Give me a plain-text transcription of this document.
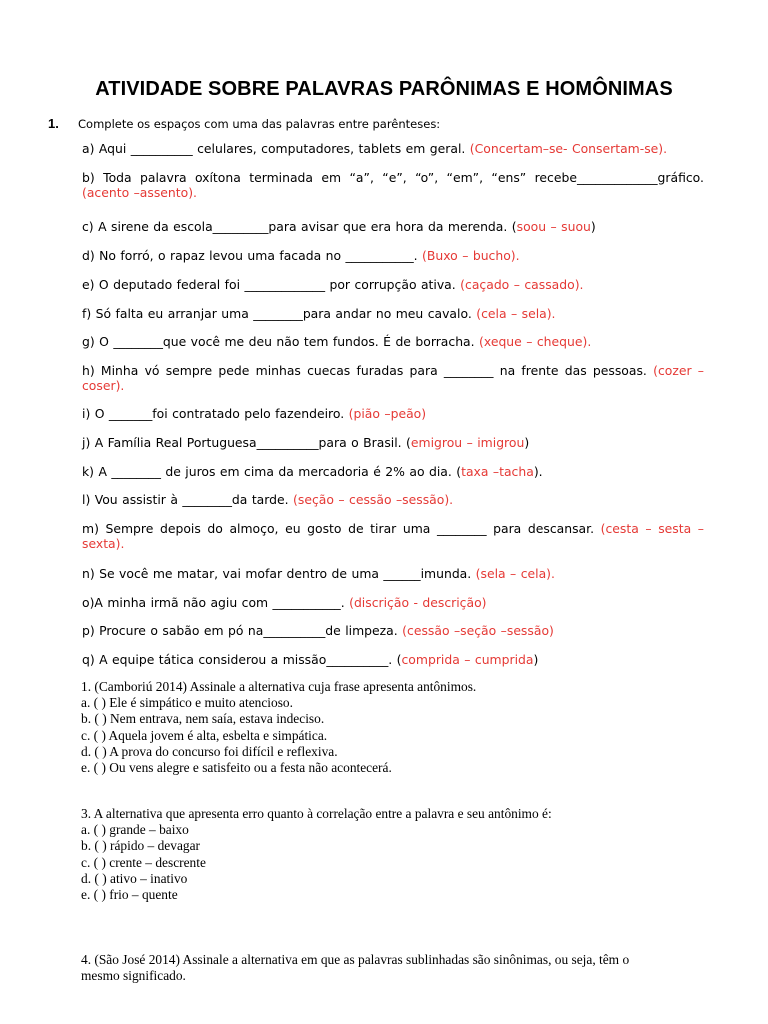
ATIVIDADE SOBRE PALAVRAS PARÔNIMAS E HOMÔNIMAS
1. Complete os espaços com uma das palavras entre parênteses:
a) Aqui __________ celulares, computadores, tablets em geral. (Concertam–se- Consertam-se).
b) Toda palavra oxítona terminada em “a”, “e”, “o”, “em”, “ens” recebe_____________gráfico. (acento –assento).
c) A sirene da escola_________para avisar que era hora da merenda. (soou – suou)
d) No forró, o rapaz levou uma facada no ___________. (Buxo – bucho).
e) O deputado federal foi _____________ por corrupção ativa. (caçado – cassado).
f) Só falta eu arranjar uma ________para andar no meu cavalo. (cela – sela).
g) O ________que você me deu não tem fundos. É de borracha. (xeque – cheque).
h) Minha vó sempre pede minhas cuecas furadas para ________ na frente das pessoas. (cozer – coser).
i) O _______foi contratado pelo fazendeiro. (pião –peão)
j) A Família Real Portuguesa__________para o Brasil. (emigrou – imigrou)
k) A ________ de juros em cima da mercadoria é 2% ao dia. (taxa –tacha).
l) Vou assistir à ________da tarde. (seção – cessão –sessão).
m) Sempre depois do almoço, eu gosto de tirar uma ________ para descansar. (cesta – sesta – sexta).
n) Se você me matar, vai mofar dentro de uma ______imunda. (sela – cela).
o)A minha irmã não agiu com ___________. (discrição - descrição)
p) Procure o sabão em pó na__________de limpeza. (cessão –seção –sessão)
q) A equipe tática considerou a missão__________. (comprida – cumprida)
1. (Camboriú 2014) Assinale a alternativa cuja frase apresenta antônimos.
a. ( ) Ele é simpático e muito atencioso.
b. ( ) Nem entrava, nem saía, estava indeciso.
c. ( ) Aquela jovem é alta, esbelta e simpática.
d. ( ) A prova do concurso foi difícil e reflexiva.
e. ( ) Ou vens alegre e satisfeito ou a festa não acontecerá.
3. A alternativa que apresenta erro quanto à correlação entre a palavra e seu antônimo é:
a. ( ) grande – baixo
b. ( ) rápido – devagar
c. ( ) crente – descrente
d. ( ) ativo – inativo
e. ( ) frio – quente
4. (São José 2014) Assinale a alternativa em que as palavras sublinhadas são sinônimas, ou seja, têm o
mesmo significado.
